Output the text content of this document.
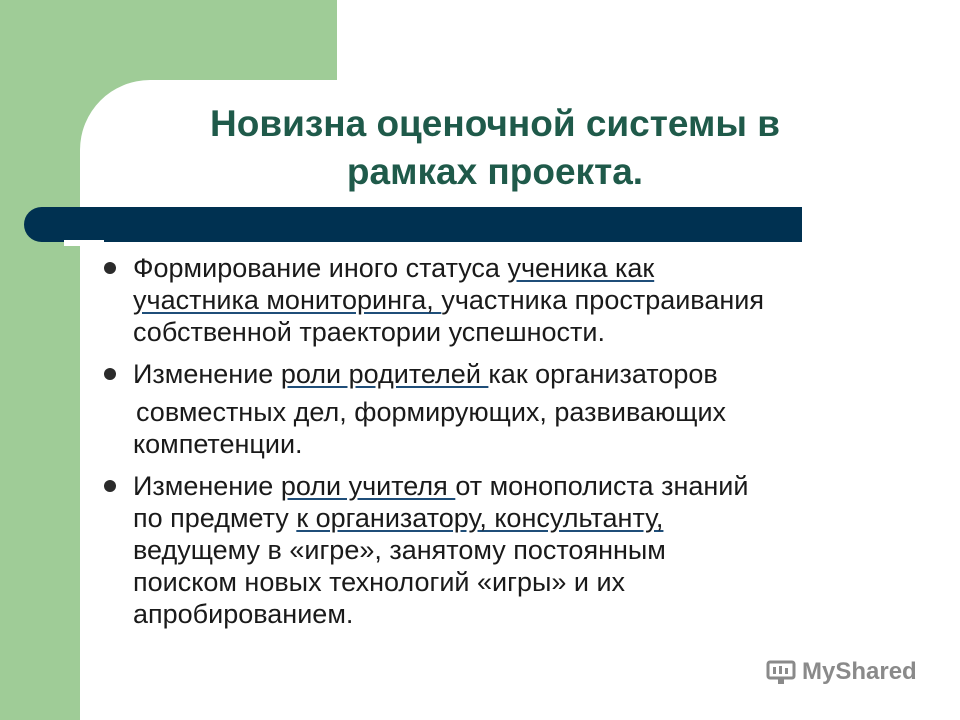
Новизна оценочной системы в
рамках проекта.
Формирование иного статуса ученика как
участника мониторинга, участника простраивания
собственной траектории успешности.
Изменение роли родителей как организаторов
совместных дел, формирующих, развивающих
компетенции.
Изменение роли учителя от монополиста знаний
по предмету к организатору, консультанту,
ведущему в «игре», занятому постоянным
поиском новых технологий «игры» и их
апробированием.
MyShared
